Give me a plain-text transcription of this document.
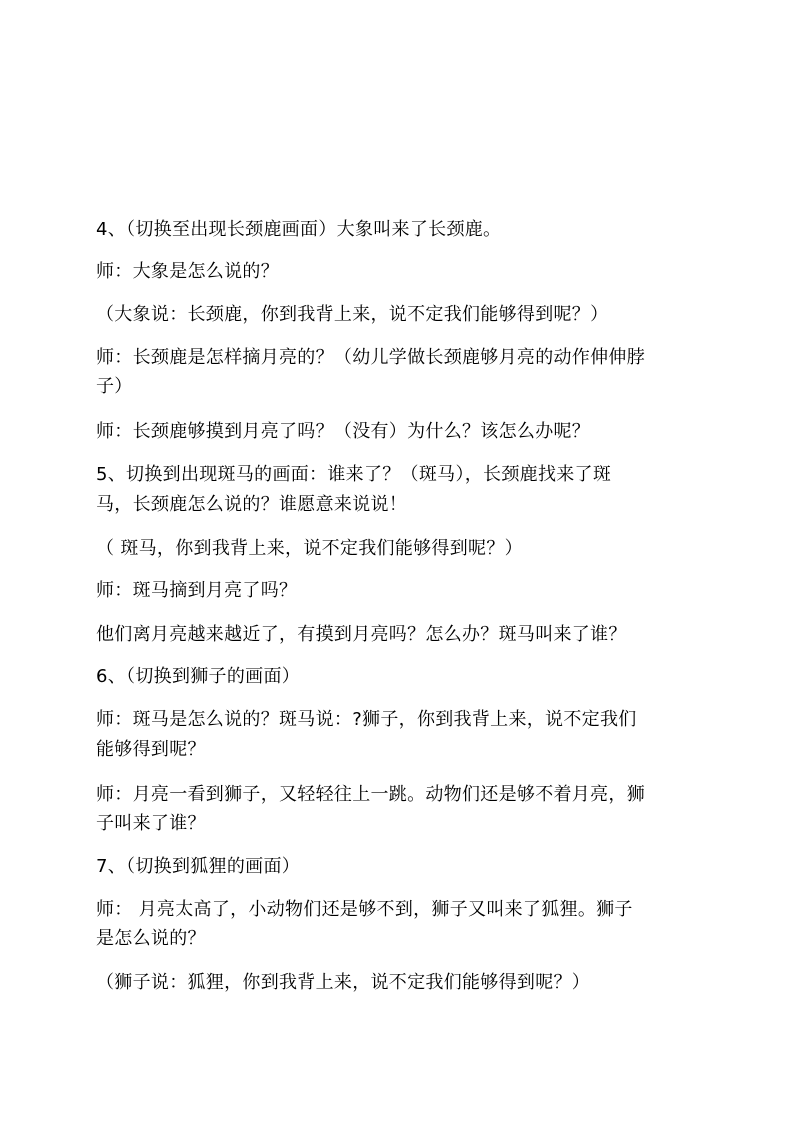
4、（切换至出现长颈鹿画面）大象叫来了长颈鹿。
师：大象是怎么说的？
（大象说：长颈鹿，你到我背上来，说不定我们能够得到呢？）
师：长颈鹿是怎样摘月亮的？（幼儿学做长颈鹿够月亮的动作伸伸脖
子）
师：长颈鹿够摸到月亮了吗？（没有）为什么？该怎么办呢？
5、切换到出现斑马的画面：谁来了？（斑马），长颈鹿找来了斑
马，长颈鹿怎么说的？谁愿意来说说！
（ 斑马，你到我背上来，说不定我们能够得到呢？）
师：斑马摘到月亮了吗？
他们离月亮越来越近了，有摸到月亮吗？怎么办？斑马叫来了谁？
6、（切换到狮子的画面）
师：斑马是怎么说的？斑马说：?狮子，你到我背上来，说不定我们
能够得到呢？
师：月亮一看到狮子，又轻轻往上一跳。动物们还是够不着月亮，狮
子叫来了谁？
7、（切换到狐狸的画面）
师： 月亮太高了，小动物们还是够不到，狮子又叫来了狐狸。狮子
是怎么说的？
（狮子说：狐狸，你到我背上来，说不定我们能够得到呢？）
